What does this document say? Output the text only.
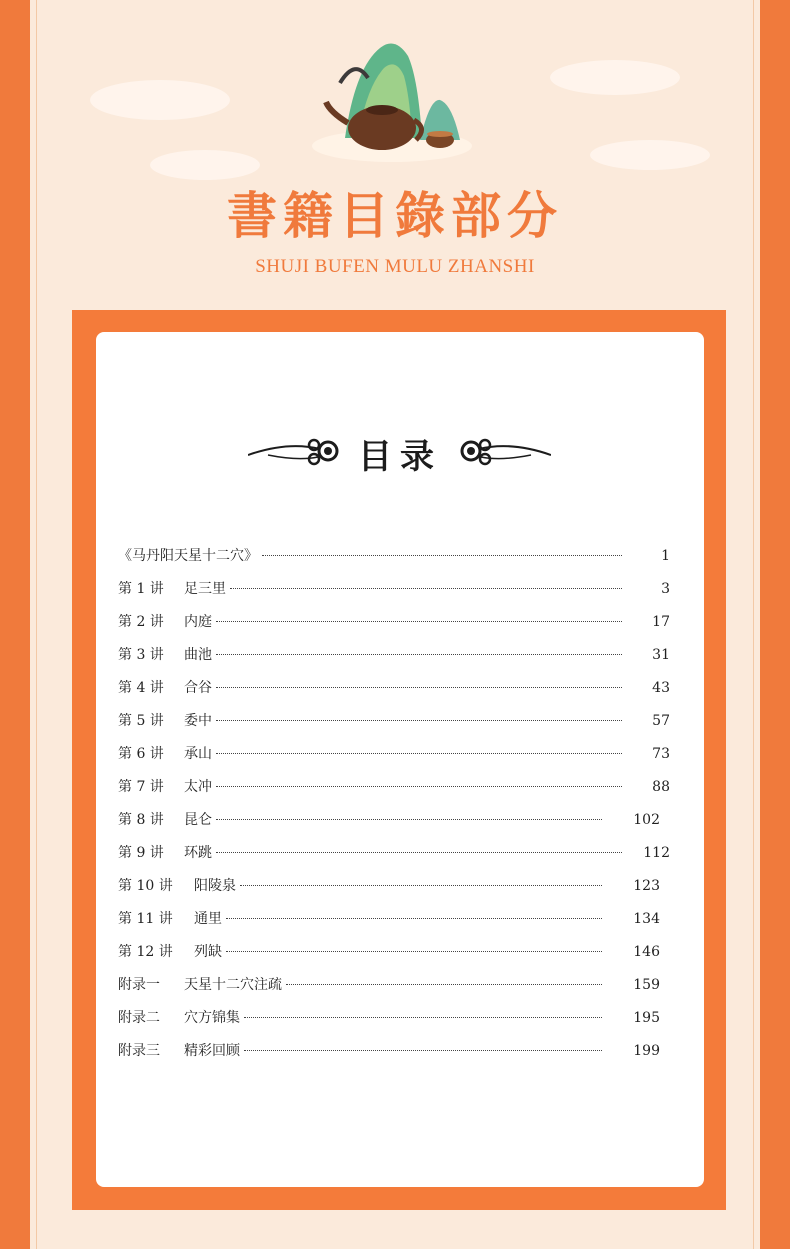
書籍目錄部分
SHUJI BUFEN MULU ZHANSHI
目录
《马丹阳天星十二穴》	1
第 1 讲	足三里	3
第 2 讲	内庭	17
第 3 讲	曲池	31
第 4 讲	合谷	43
第 5 讲	委中	57
第 6 讲	承山	73
第 7 讲	太冲	88
第 8 讲	昆仑	102
第 9 讲	环跳	112
第 10 讲	阳陵泉	123
第 11 讲	通里	134
第 12 讲	列缺	146
附录一	天星十二穴注疏	159
附录二	穴方锦集	195
附录三	精彩回顾	199
